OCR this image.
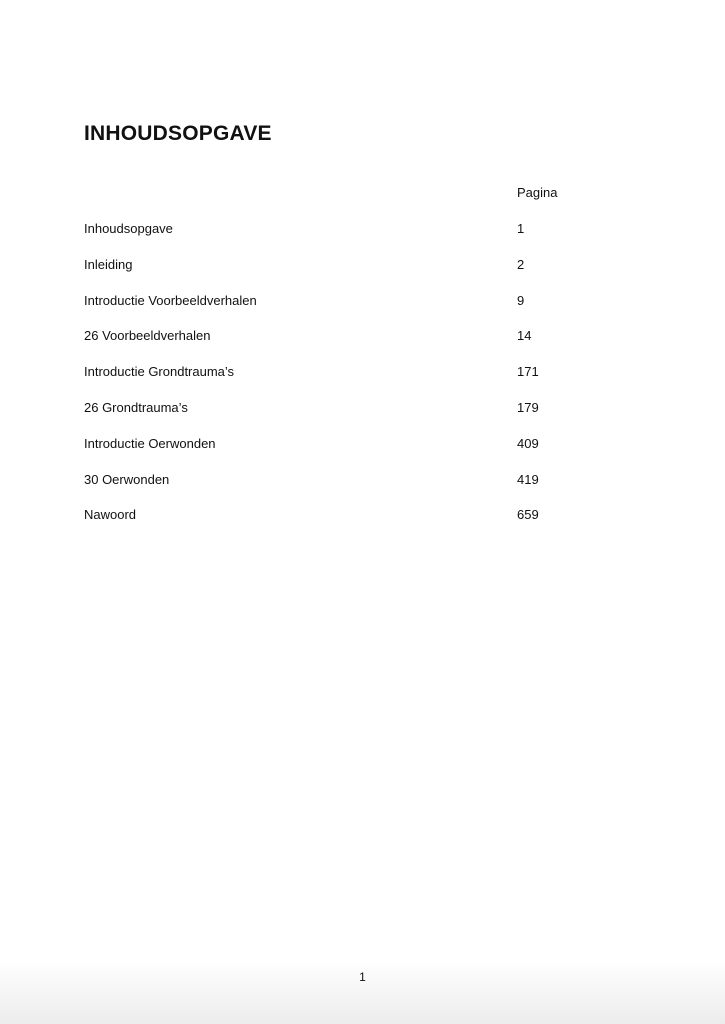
INHOUDSOPGAVE
Pagina
Inhoudsopgave	1
Inleiding	2
Introductie Voorbeeldverhalen	9
26 Voorbeeldverhalen	14
Introductie Grondtrauma’s	171
26 Grondtrauma’s	179
Introductie Oerwonden	409
30 Oerwonden	419
Nawoord	659
1
